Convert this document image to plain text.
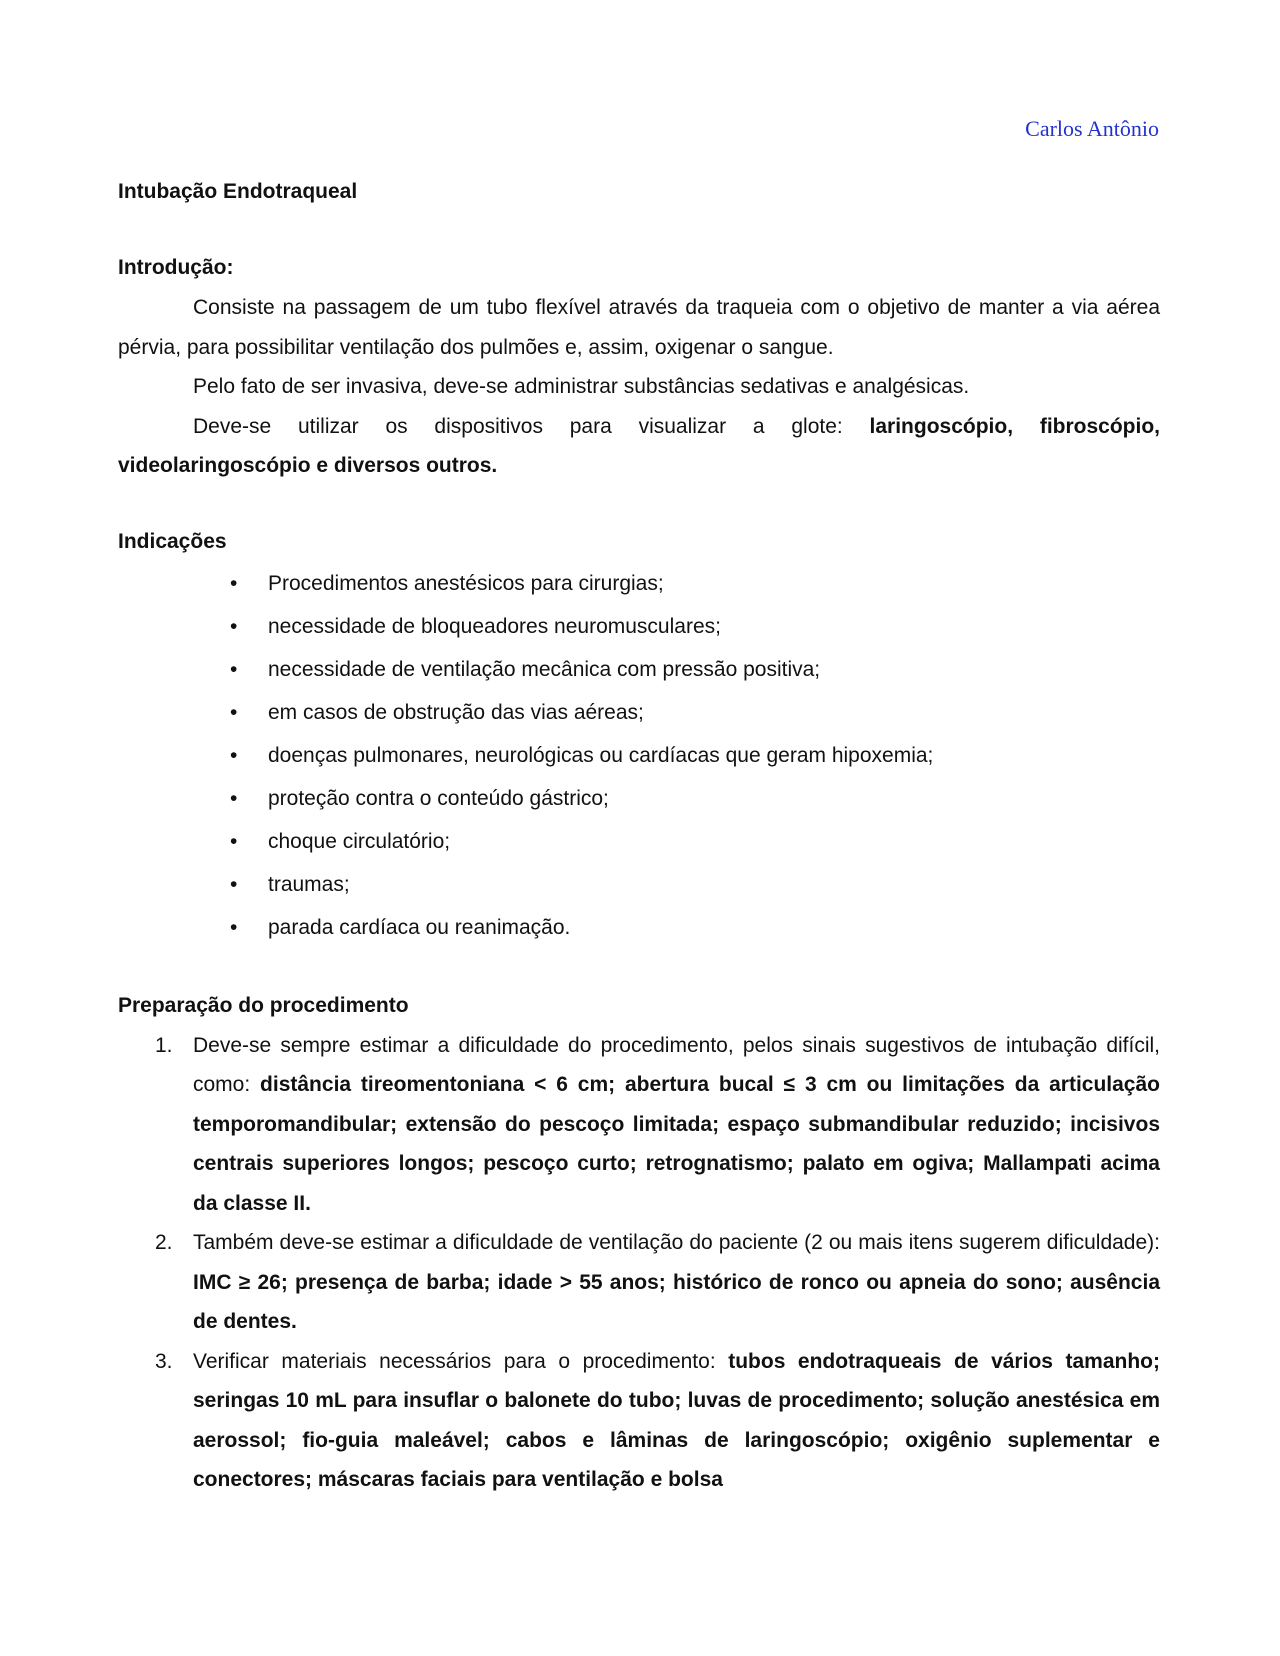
Carlos Antônio

Intubação Endotraqueal

Introdução:

Consiste na passagem de um tubo flexível através da traqueia com o objetivo de manter a via aérea pérvia, para possibilitar ventilação dos pulmões e, assim, oxigenar o sangue.

Pelo fato de ser invasiva, deve-se administrar substâncias sedativas e analgésicas.

Deve-se utilizar os dispositivos para visualizar a glote: laringoscópio, fibroscópio, videolaringoscópio e diversos outros.

Indicações

• Procedimentos anestésicos para cirurgias;
• necessidade de bloqueadores neuromusculares;
• necessidade de ventilação mecânica com pressão positiva;
• em casos de obstrução das vias aéreas;
• doenças pulmonares, neurológicas ou cardíacas que geram hipoxemia;
• proteção contra o conteúdo gástrico;
• choque circulatório;
• traumas;
• parada cardíaca ou reanimação.

Preparação do procedimento

1. Deve-se sempre estimar a dificuldade do procedimento, pelos sinais sugestivos de intubação difícil, como: distância tireomentoniana < 6 cm; abertura bucal ≤ 3 cm ou limitações da articulação temporomandibular; extensão do pescoço limitada; espaço submandibular reduzido; incisivos centrais superiores longos; pescoço curto; retrognatismo; palato em ogiva; Mallampati acima da classe II.
2. Também deve-se estimar a dificuldade de ventilação do paciente (2 ou mais itens sugerem dificuldade): IMC ≥ 26; presença de barba; idade > 55 anos; histórico de ronco ou apneia do sono; ausência de dentes.
3. Verificar materiais necessários para o procedimento: tubos endotraqueais de vários tamanho; seringas 10 mL para insuflar o balonete do tubo; luvas de procedimento; solução anestésica em aerossol; fio-guia maleável; cabos e lâminas de laringoscópio; oxigênio suplementar e conectores; máscaras faciais para ventilação e bolsa
